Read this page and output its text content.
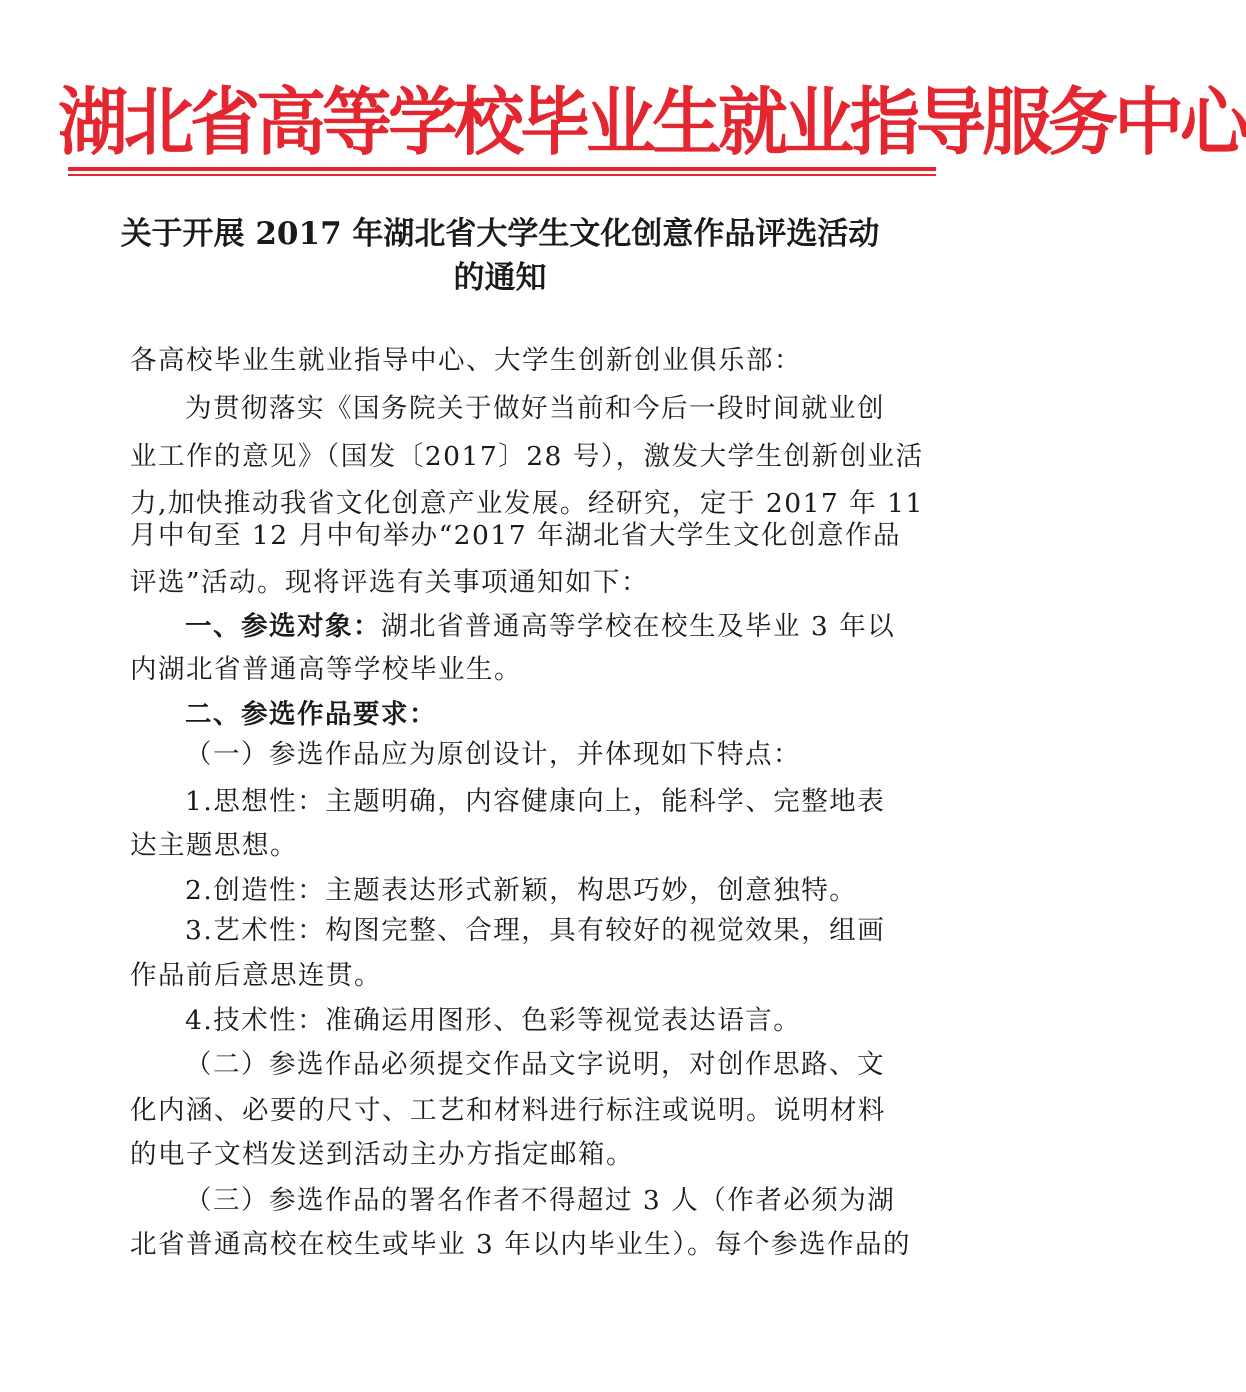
湖北省高等学校毕业生就业指导服务中心
关于开展 2017 年湖北省大学生文化创意作品评选活动
的通知
各高校毕业生就业指导中心、大学生创新创业俱乐部：
为贯彻落实《国务院关于做好当前和今后一段时间就业创
业工作的意见》（国发〔2017〕28 号），激发大学生创新创业活
力,加快推动我省文化创意产业发展。经研究，定于 2017 年 11
月中旬至 12 月中旬举办“2017 年湖北省大学生文化创意作品
评选”活动。现将评选有关事项通知如下：
一、参选对象：湖北省普通高等学校在校生及毕业 3 年以
内湖北省普通高等学校毕业生。
二、参选作品要求：
（一）参选作品应为原创设计，并体现如下特点：
1.思想性：主题明确，内容健康向上，能科学、完整地表
达主题思想。
2.创造性：主题表达形式新颖，构思巧妙，创意独特。
3.艺术性：构图完整、合理，具有较好的视觉效果，组画
作品前后意思连贯。
4.技术性：准确运用图形、色彩等视觉表达语言。
（二）参选作品必须提交作品文字说明，对创作思路、文
化内涵、必要的尺寸、工艺和材料进行标注或说明。说明材料
的电子文档发送到活动主办方指定邮箱。
（三）参选作品的署名作者不得超过 3 人（作者必须为湖
北省普通高校在校生或毕业 3 年以内毕业生）。每个参选作品的
